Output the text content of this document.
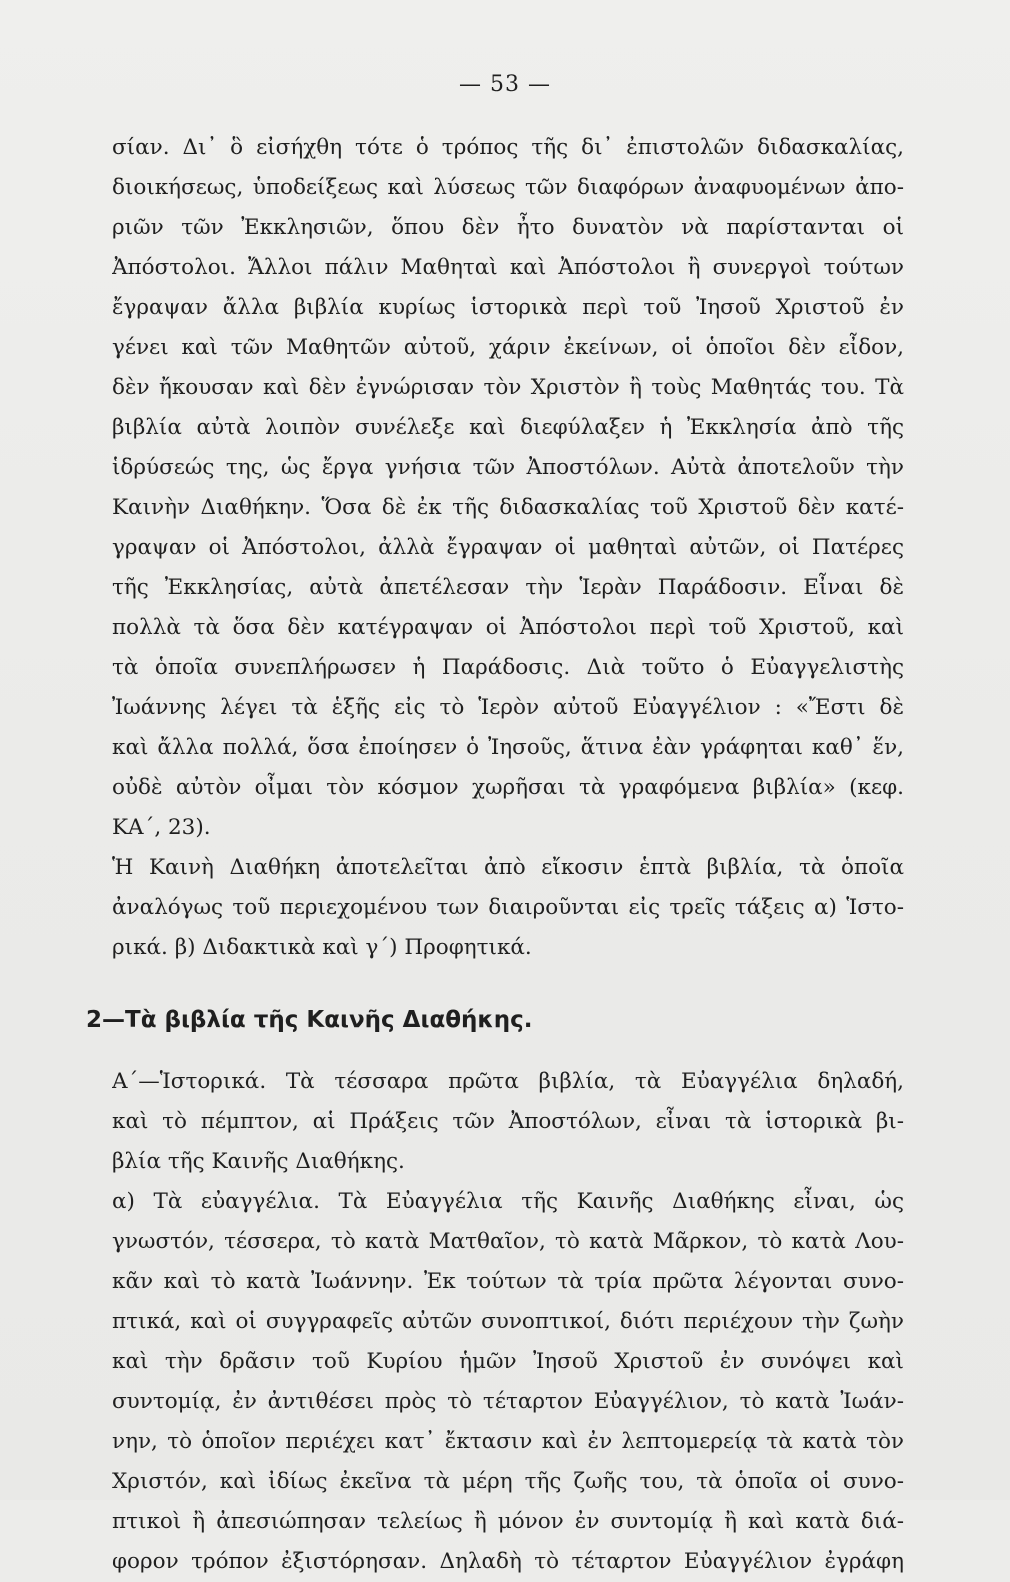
— 53 —
σίαν. Δι᾽ ὃ εἰσήχθη τότε ὁ τρόπος τῆς δι᾽ ἐπιστολῶν διδασκαλίας,
διοικήσεως, ὑποδείξεως καὶ λύσεως τῶν διαφόρων ἀναφυομένων ἀπο-
ριῶν τῶν Ἐκκλησιῶν, ὅπου δὲν ἦτο δυνατὸν νὰ παρίστανται οἱ
Ἀπόστολοι. Ἄλλοι πάλιν Μαθηταὶ καὶ Ἀπόστολοι ἢ συνεργοὶ τούτων
ἔγραψαν ἄλλα βιβλία κυρίως ἱστορικὰ περὶ τοῦ Ἰησοῦ Χριστοῦ ἐν
γένει καὶ τῶν Μαθητῶν αὐτοῦ, χάριν ἐκείνων, οἱ ὁποῖοι δὲν εἶδον,
δὲν ἤκουσαν καὶ δὲν ἐγνώρισαν τὸν Χριστὸν ἢ τοὺς Μαθητάς του. Τὰ
βιβλία αὐτὰ λοιπὸν συνέλεξε καὶ διεφύλαξεν ἡ Ἐκκλησία ἀπὸ τῆς
ἱδρύσεώς της, ὡς ἔργα γνήσια τῶν Ἀποστόλων. Αὐτὰ ἀποτελοῦν τὴν
Καινὴν Διαθήκην. Ὅσα δὲ ἐκ τῆς διδασκαλίας τοῦ Χριστοῦ δὲν κατέ-
γραψαν οἱ Ἀπόστολοι, ἀλλὰ ἔγραψαν οἱ μαθηταὶ αὐτῶν, οἱ Πατέρες
τῆς Ἐκκλησίας, αὐτὰ ἀπετέλεσαν τὴν Ἱερὰν Παράδοσιν. Εἶναι δὲ
πολλὰ τὰ ὅσα δὲν κατέγραψαν οἱ Ἀπόστολοι περὶ τοῦ Χριστοῦ, καὶ
τὰ ὁποῖα συνεπλήρωσεν ἡ Παράδοσις. Διὰ τοῦτο ὁ Εὐαγγελιστὴς
Ἰωάννης λέγει τὰ ἑξῆς εἰς τὸ Ἱερὸν αὐτοῦ Εὐαγγέλιον : «Ἔστι δὲ
καὶ ἄλλα πολλά, ὅσα ἐποίησεν ὁ Ἰησοῦς, ἅτινα ἐὰν γράφηται καθ᾽ ἕν,
οὐδὲ αὐτὸν οἶμαι τὸν κόσμον χωρῆσαι τὰ γραφόμενα βιβλία» (κεφ.
ΚΑ΄, 23).
Ἡ Καινὴ Διαθήκη ἀποτελεῖται ἀπὸ εἴκοσιν ἑπτὰ βιβλία, τὰ ὁποῖα
ἀναλόγως τοῦ περιεχομένου των διαιροῦνται εἰς τρεῖς τάξεις α) Ἱστο-
ρικά. β) Διδακτικὰ καὶ γ΄) Προφητικά.
2—Τὰ βιβλία τῆς Καινῆς Διαθήκης.
Α΄—Ἱστορικά. Τὰ τέσσαρα πρῶτα βιβλία, τὰ Εὐαγγέλια δηλαδή,
καὶ τὸ πέμπτον, αἱ Πράξεις τῶν Ἀποστόλων, εἶναι τὰ ἱστορικὰ βι-
βλία τῆς Καινῆς Διαθήκης.
α) Τὰ εὐαγγέλια. Τὰ Εὐαγγέλια τῆς Καινῆς Διαθήκης εἶναι, ὡς
γνωστόν, τέσσερα, τὸ κατὰ Ματθαῖον, τὸ κατὰ Μᾶρκον, τὸ κατὰ Λου-
κᾶν καὶ τὸ κατὰ Ἰωάννην. Ἐκ τούτων τὰ τρία πρῶτα λέγονται συνο-
πτικά, καὶ οἱ συγγραφεῖς αὐτῶν συνοπτικοί, διότι περιέχουν τὴν ζωὴν
καὶ τὴν δρᾶσιν τοῦ Κυρίου ἡμῶν Ἰησοῦ Χριστοῦ ἐν συνόψει καὶ
συντομίᾳ, ἐν ἀντιθέσει πρὸς τὸ τέταρτον Εὐαγγέλιον, τὸ κατὰ Ἰωάν-
νην, τὸ ὁποῖον περιέχει κατ᾽ ἔκτασιν καὶ ἐν λεπτομερείᾳ τὰ κατὰ τὸν
Χριστόν, καὶ ἰδίως ἐκεῖνα τὰ μέρη τῆς ζωῆς του, τὰ ὁποῖα οἱ συνο-
πτικοὶ ἢ ἀπεσιώπησαν τελείως ἢ μόνον ἐν συντομίᾳ ἢ καὶ κατὰ διά-
φορον τρόπον ἐξιστόρησαν. Δηλαδὴ τὸ τέταρτον Εὐαγγέλιον ἐγράφη
